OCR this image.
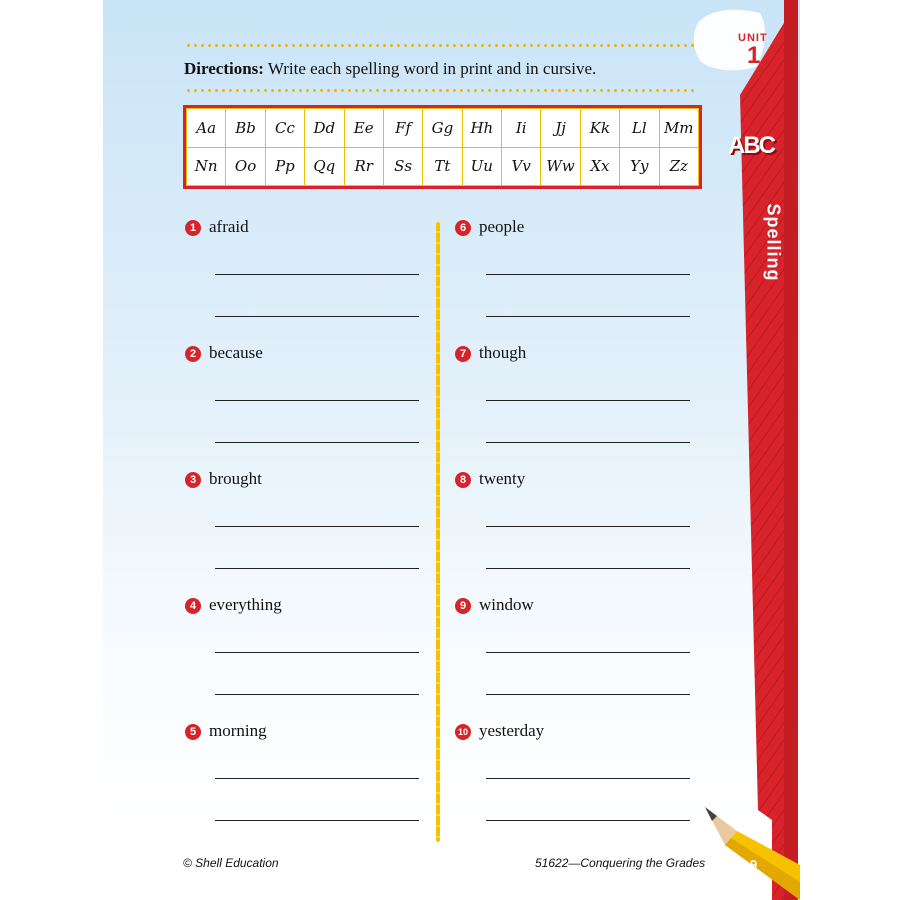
Directions: Write each spelling word in print and in cursive.
Aa	Bb	Cc	Dd	Ee	Ff	Gg	Hh	Ii	Jj	Kk	Ll	Mm
Nn	Oo	Pp	Qq	Rr	Ss	Tt	Uu	Vv	Ww	Xx	Yy	Zz
1 afraid
2 because
3 brought
4 everything
5 morning
6 people
7 though
8 twenty
9 window
10 yesterday
UNIT
1
ABC
Spelling
© Shell Education	51622—Conquering the Grades	9
